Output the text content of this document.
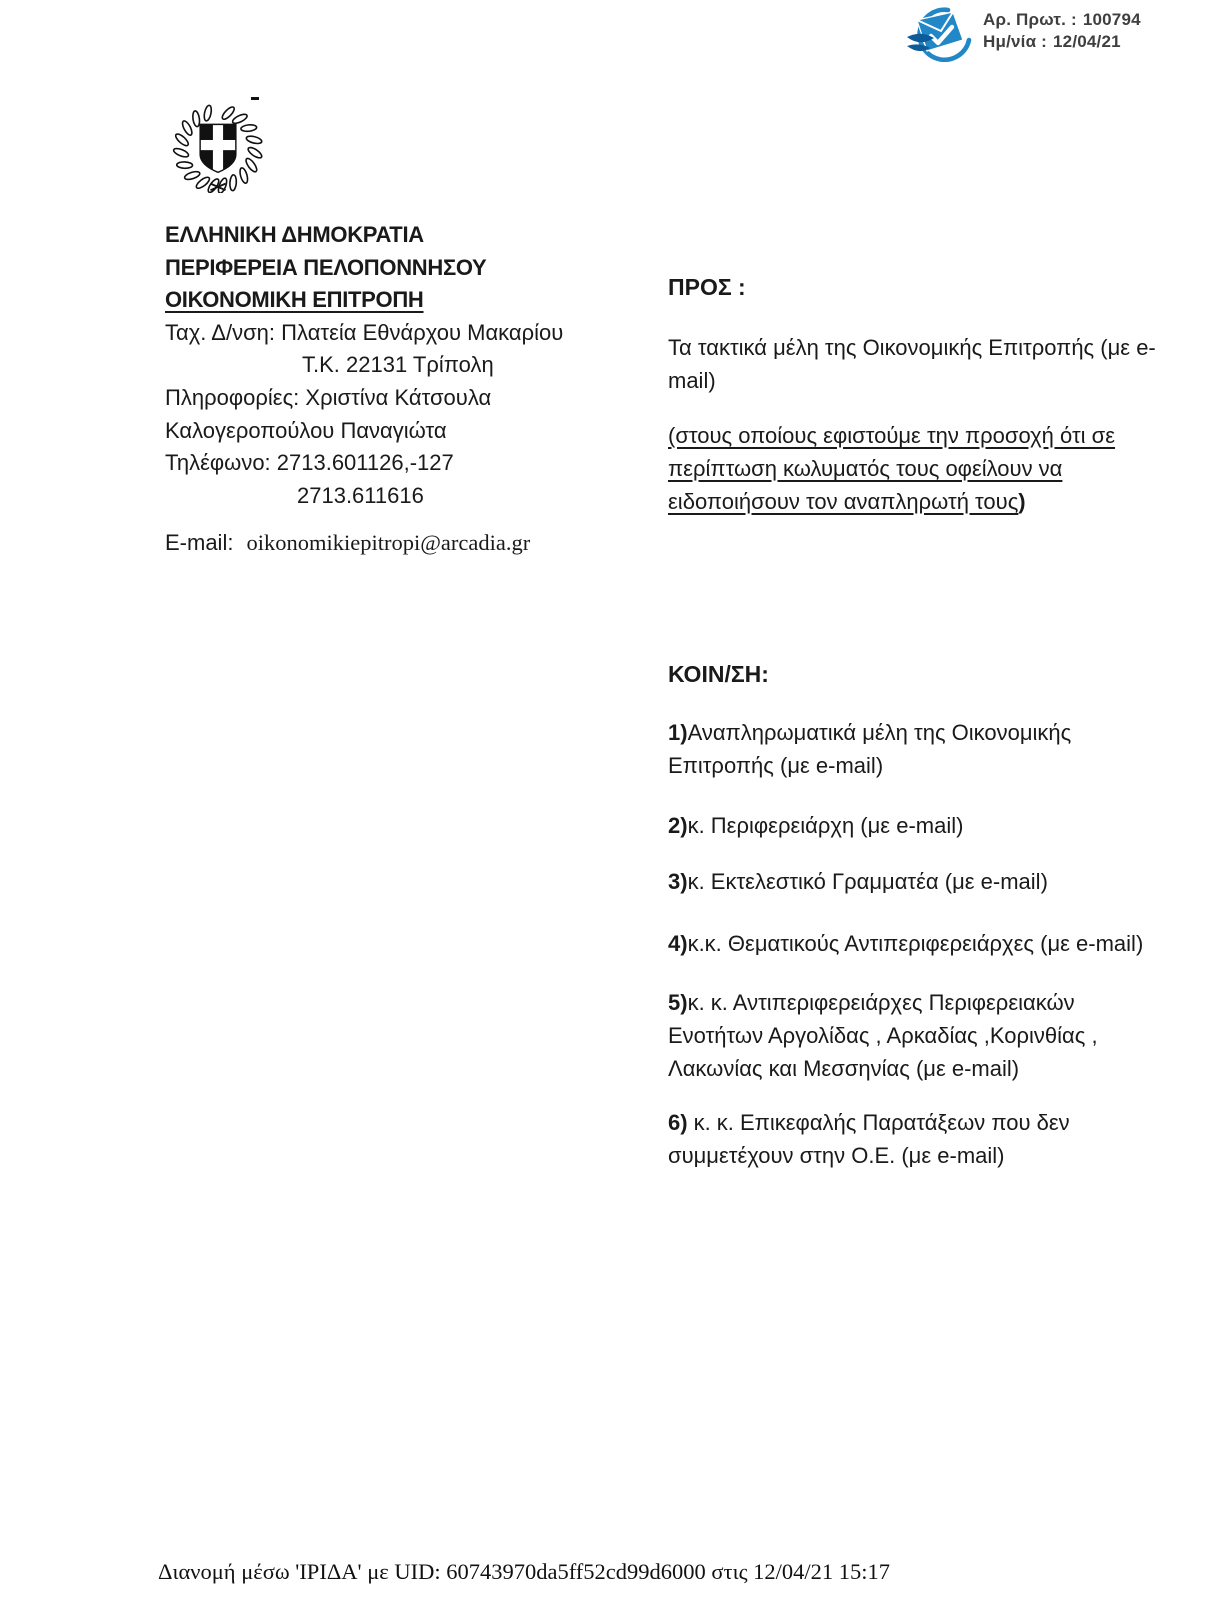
Αρ. Πρωτ. : 100794
Ημ/νία : 12/04/21
ΕΛΛΗΝΙΚΗ ΔΗΜΟΚΡΑΤΙΑ
ΠΕΡΙΦΕΡΕΙΑ ΠΕΛΟΠΟΝΝΗΣΟΥ
ΟΙΚΟΝΟΜΙΚΗ ΕΠΙΤΡΟΠΗ
Ταχ. Δ/νση: Πλατεία Εθνάρχου Μακαρίου
Τ.Κ. 22131 Τρίπολη
Πληροφορίες: Χριστίνα Κάτσουλα
Καλογεροπούλου Παναγιώτα
Τηλέφωνο: 2713.601126,-127
2713.611616
E-mail: oikonomikiepitropi@arcadia.gr
ΠΡΟΣ :
Τα τακτικά μέλη της Οικονομικής Επιτροπής (με e-
mail)
(στους οποίους εφιστούμε την προσοχή ότι σε
περίπτωση κωλυματός τους οφείλουν να
ειδοποιήσουν τον αναπληρωτή τους)
ΚΟΙΝ/ΣΗ:
1)Αναπληρωματικά μέλη της Οικονομικής
Επιτροπής (με e-mail)
2)κ. Περιφερειάρχη (με e-mail)
3)κ. Εκτελεστικό Γραμματέα (με e-mail)
4)κ.κ. Θεματικούς Αντιπεριφερειάρχες (με e-mail)
5)κ. κ. Αντιπεριφερειάρχες Περιφερειακών
Ενοτήτων Αργολίδας , Αρκαδίας ,Κορινθίας ,
Λακωνίας και Μεσσηνίας (με e-mail)
6) κ. κ. Επικεφαλής Παρατάξεων που δεν
συμμετέχουν στην Ο.Ε. (με e-mail)
Διανομή μέσω 'ΙΡΙΔΑ' με UID: 60743970da5ff52cd99d6000 στις 12/04/21 15:17
